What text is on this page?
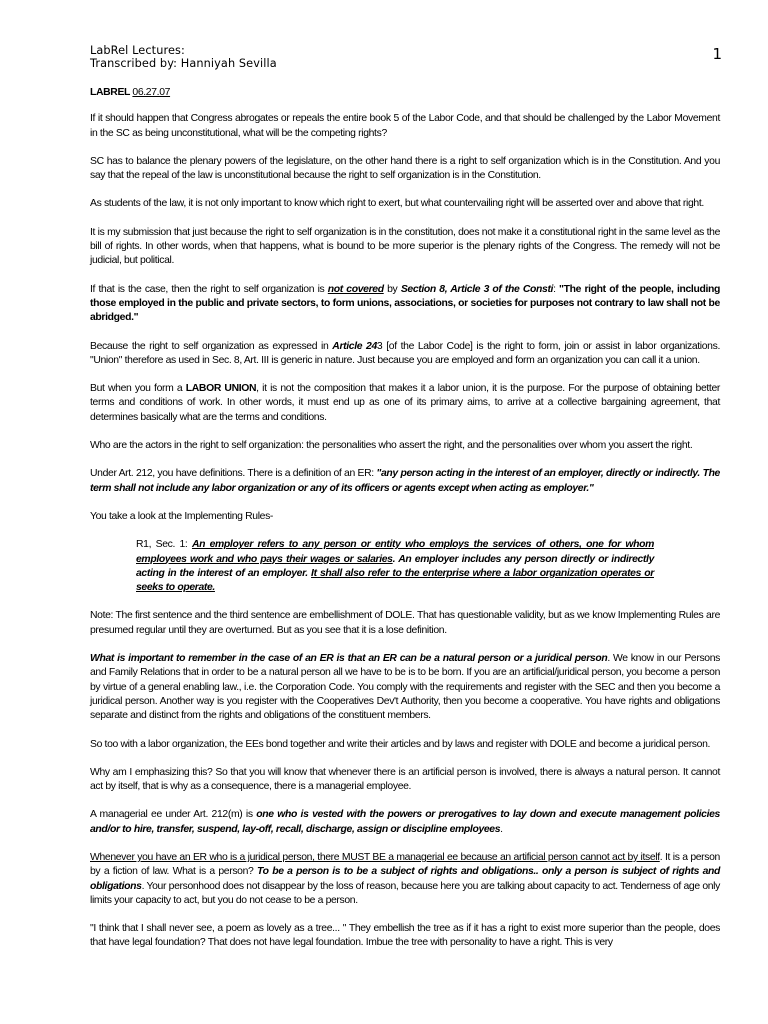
LabRel Lectures:
Transcribed by: Hanniyah Sevilla
1
LABREL 06.27.07

If it should happen that Congress abrogates or repeals the entire book 5 of the Labor Code, and that should be challenged by the Labor Movement in the SC as being unconstitutional, what will be the competing rights?

SC has to balance the plenary powers of the legislature, on the other hand there is a right to self organization which is in the Constitution. And you say that the repeal of the law is unconstitutional because the right to self organization is in the Constitution.

As students of the law, it is not only important to know which right to exert, but what countervailing right will be asserted over and above that right.

It is my submission that just because the right to self organization is in the constitution, does not make it a constitutional right in the same level as the bill of rights. In other words, when that happens, what is bound to be more superior is the plenary rights of the Congress. The remedy will not be judicial, but political.

If that is the case, then the right to self organization is not covered by Section 8, Article 3 of the Consti: "The right of the people, including those employed in the public and private sectors, to form unions, associations, or societies for purposes not contrary to law shall not be abridged."

Because the right to self organization as expressed in Article 243 [of the Labor Code] is the right to form, join or assist in labor organizations. "Union" therefore as used in Sec. 8, Art. III is generic in nature. Just because you are employed and form an organization you can call it a union.

But when you form a LABOR UNION, it is not the composition that makes it a labor union, it is the purpose. For the purpose of obtaining better terms and conditions of work. In other words, it must end up as one of its primary aims, to arrive at a collective bargaining agreement, that determines basically what are the terms and conditions.

Who are the actors in the right to self organization: the personalities who assert the right, and the personalities over whom you assert the right.

Under Art. 212, you have definitions. There is a definition of an ER: "any person acting in the interest of an employer, directly or indirectly. The term shall not include any labor organization or any of its officers or agents except when acting as employer."

You take a look at the Implementing Rules-

R1, Sec. 1: An employer refers to any person or entity who employs the services of others, one for whom employees work and who pays their wages or salaries. An employer includes any person directly or indirectly acting in the interest of an employer. It shall also refer to the enterprise where a labor organization operates or seeks to operate.

Note: The first sentence and the third sentence are embellishment of DOLE. That has questionable validity, but as we know Implementing Rules are presumed regular until they are overturned. But as you see that it is a lose definition.

What is important to remember in the case of an ER is that an ER can be a natural person or a juridical person. We know in our Persons and Family Relations that in order to be a natural person all we have to be is to be born. If you are an artificial/juridical person, you become a person by virtue of a general enabling law., i.e. the Corporation Code. You comply with the requirements and register with the SEC and then you become a juridical person. Another way is you register with the Cooperatives Dev't Authority, then you become a cooperative. You have rights and obligations separate and distinct from the rights and obligations of the constituent members.

So too with a labor organization, the EEs bond together and write their articles and by laws and register with DOLE and become a juridical person.

Why am I emphasizing this? So that you will know that whenever there is an artificial person is involved, there is always a natural person. It cannot act by itself, that is why as a consequence, there is a managerial employee.

A managerial ee under Art. 212(m) is one who is vested with the powers or prerogatives to lay down and execute management policies and/or to hire, transfer, suspend, lay-off, recall, discharge, assign or discipline employees.

Whenever you have an ER who is a juridical person, there MUST BE a managerial ee because an artificial person cannot act by itself. It is a person by a fiction of law. What is a person? To be a person is to be a subject of rights and obligations.. only a person is subject of rights and obligations. Your personhood does not disappear by the loss of reason, because here you are talking about capacity to act. Tenderness of age only limits your capacity to act, but you do not cease to be a person.

"I think that I shall never see, a poem as lovely as a tree... " They embellish the tree as if it has a right to exist more superior than the people, does that have legal foundation? That does not have legal foundation. Imbue the tree with personality to have a right. This is very
